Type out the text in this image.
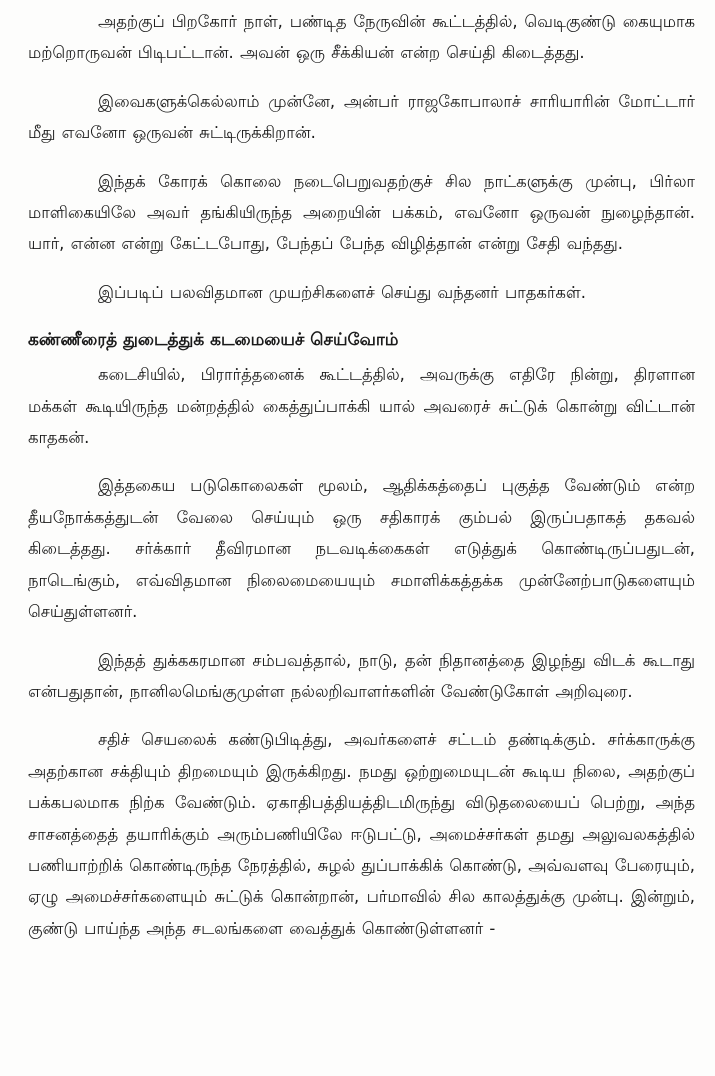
அதற்குப் பிறகோர் நாள், பண்டித நேருவின் கூட்டத்தில், வெடிகுண்டு கையுமாக மற்றொருவன் பிடிபட்டான். அவன் ஒரு சீக்கியன் என்ற செய்தி கிடைத்தது.

இவைகளுக்கெல்லாம் முன்னே, அன்பர் ராஜகோபாலாச் சாரியாரின் மோட்டார் மீது எவனோ ஒருவன் சுட்டிருக்கிறான்.

இந்தக் கோரக் கொலை நடைபெறுவதற்குச் சில நாட்களுக்கு முன்பு, பிர்லா மாளிகையிலே அவர் தங்கியிருந்த அறையின் பக்கம், எவனோ ஒருவன் நுழைந்தான். யார், என்ன என்று கேட்டபோது, பேந்தப் பேந்த விழித்தான் என்று சேதி வந்தது.

இப்படிப் பலவிதமான முயற்சிகளைச் செய்து வந்தனர் பாதகர்கள்.

கண்ணீரைத் துடைத்துக் கடமையைச் செய்வோம்

கடைசியில், பிரார்த்தனைக் கூட்டத்தில், அவருக்கு எதிரே நின்று, திரளான மக்கள் கூடியிருந்த மன்றத்தில் கைத்துப்பாக்கி யால் அவரைச் சுட்டுக் கொன்று விட்டான் காதகன்.

இத்தகைய படுகொலைகள் மூலம், ஆதிக்கத்தைப் புகுத்த வேண்டும் என்ற தீயநோக்கத்துடன் வேலை செய்யும் ஒரு சதிகாரக் கும்பல் இருப்பதாகத் தகவல் கிடைத்தது. சர்க்கார் தீவிரமான நடவடிக்கைகள் எடுத்துக் கொண்டிருப்பதுடன், நாடெங்கும், எவ்விதமான நிலைமையையும் சமாளிக்கத்தக்க முன்னேற்பாடுகளையும் செய்துள்ளனர்.

இந்தத் துக்ககரமான சம்பவத்தால், நாடு, தன் நிதானத்தை இழந்து விடக் கூடாது என்பதுதான், நானிலமெங்குமுள்ள நல்லறிவாளர்களின் வேண்டுகோள் அறிவுரை.

சதிச் செயலைக் கண்டுபிடித்து, அவர்களைச் சட்டம் தண்டிக்கும். சர்க்காருக்கு அதற்கான சக்தியும் திறமையும் இருக்கிறது. நமது ஒற்றுமையுடன் கூடிய நிலை, அதற்குப் பக்கபலமாக நிற்க வேண்டும். ஏகாதிபத்தியத்திடமிருந்து விடுதலையைப் பெற்று, அந்த சாசனத்தைத் தயாரிக்கும் அரும்பணியிலே ஈடுபட்டு, அமைச்சர்கள் தமது அலுவலகத்தில் பணியாற்றிக் கொண்டிருந்த நேரத்தில், சுழல் துப்பாக்கிக் கொண்டு, அவ்வளவு பேரையும், ஏழு அமைச்சர்களையும் சுட்டுக் கொன்றான், பர்மாவில் சில காலத்துக்கு முன்பு. இன்றும், குண்டு பாய்ந்த அந்த சடலங்களை வைத்துக் கொண்டுள்ளனர் -
